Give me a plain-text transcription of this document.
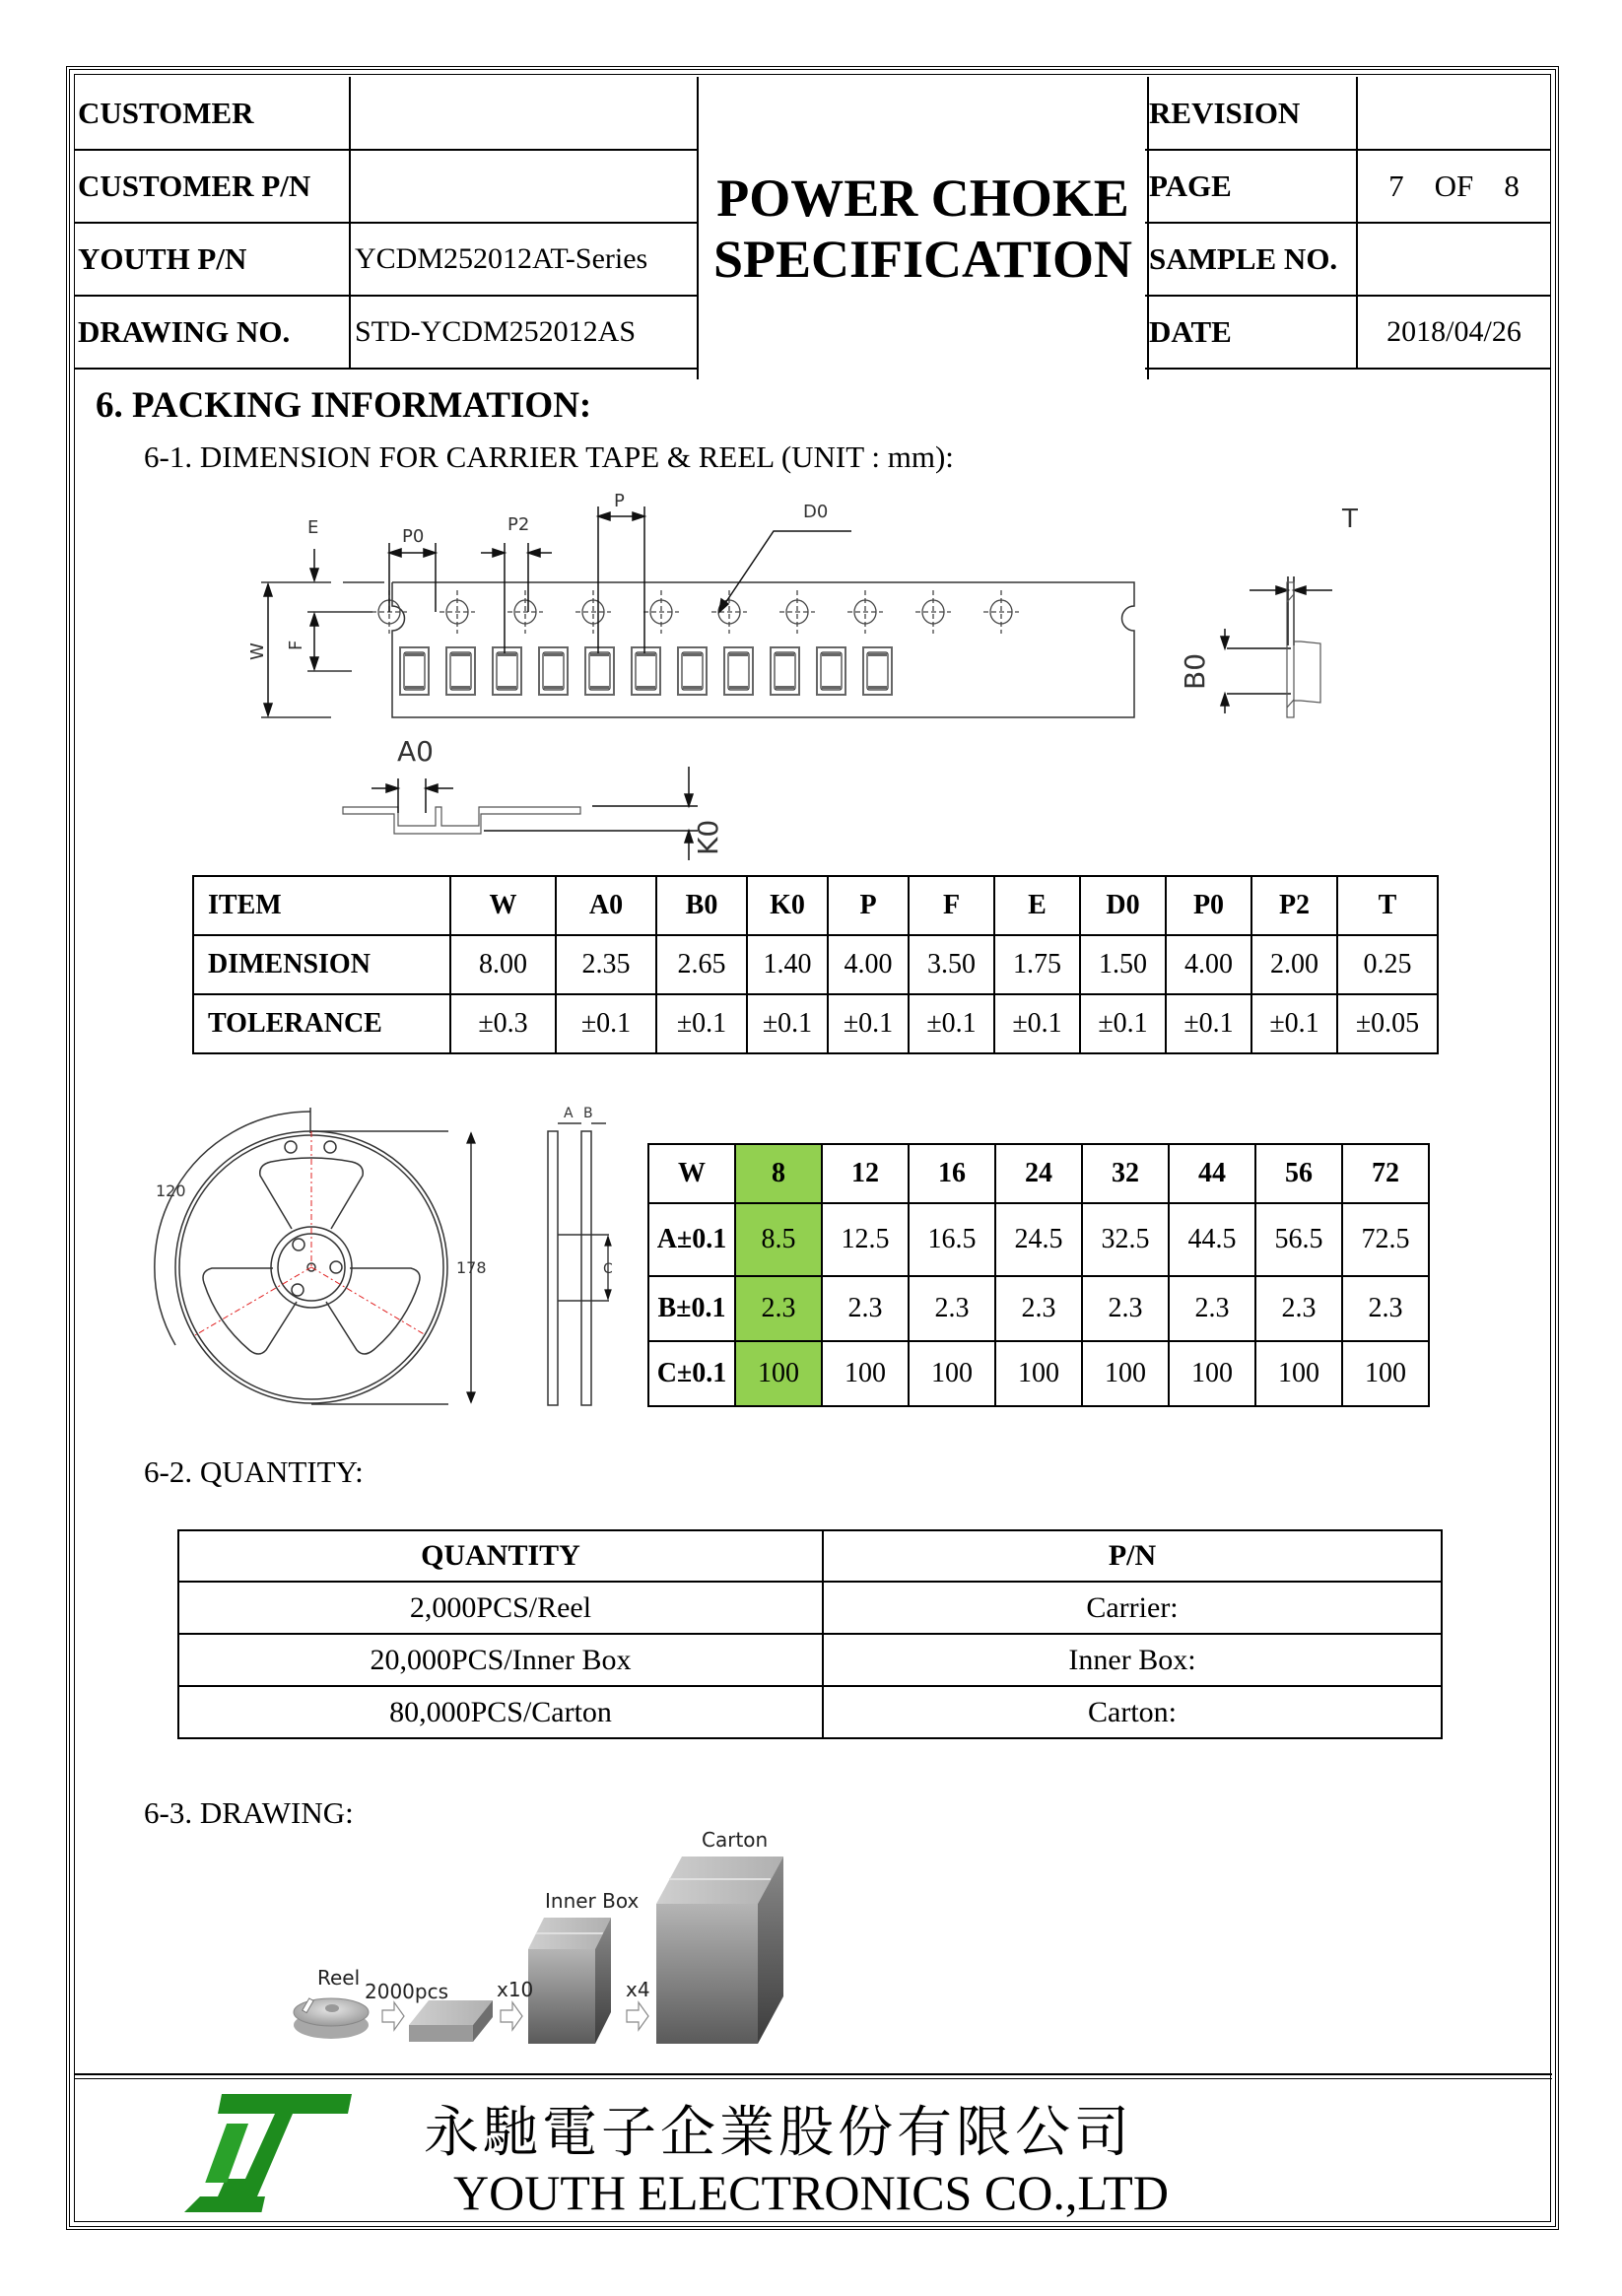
CUSTOMER	
CUSTOMER P/N	
YOUTH P/N	YCDM252012AT-Series
DRAWING NO.	STD-YCDM252012AS
POWER CHOKE
SPECIFICATION
REVISION	
PAGE	7 OF 8
SAMPLE NO.	
DATE	2018/04/26
6. PACKING INFORMATION:
6-1. DIMENSION FOR CARRIER TAPE & REEL (UNIT : mm):
E	P0
P2
P
D0	T
W F
B0
A0
K0
ITEM	W	A0	B0	K0	P	F	E	D0	P0	P2	T
DIMENSION	8.00	2.35	2.65	1.40	4.00	3.50	1.75	1.50	4.00	2.00	0.25
TOLERANCE	±0.3	±0.1	±0.1	±0.1	±0.1	±0.1	±0.1	±0.1	±0.1	±0.1	±0.05
120
178
A B
C
W	8	12	16	24	32	44	56	72
A±0.1	8.5	12.5	16.5	24.5	32.5	44.5	56.5	72.5
B±0.1	2.3	2.3	2.3	2.3	2.3	2.3	2.3	2.3
C±0.1	100	100	100	100	100	100	100	100
6-2. QUANTITY:
QUANTITY	P/N
2,000PCS/Reel	Carrier:
20,000PCS/Inner Box	Inner Box:
80,000PCS/Carton	Carton:
6-3. DRAWING:
Reel
2000pcs x10
Inner Box
x4
Carton
永馳電子企業股份有限公司
YOUTH ELECTRONICS CO.,LTD
